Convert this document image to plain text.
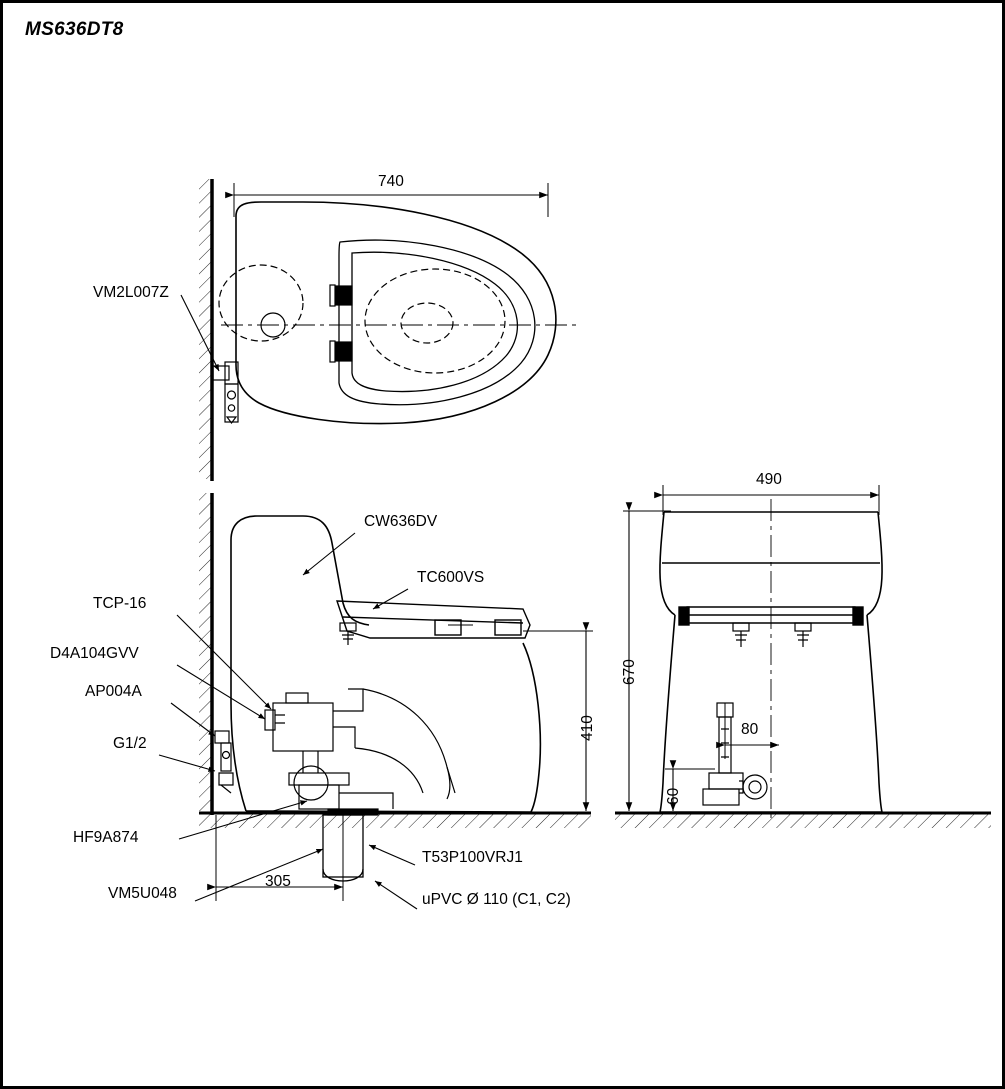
MS636DT8
VM2L007Z
740
CW636DV
TC600VS
TCP-16
D4A104GVV
AP004A
G1/2
HF9A874
VM5U048
T53P100VRJ1
uPVC Ø 110 (C1, C2)
305
410
490
670
80
60
